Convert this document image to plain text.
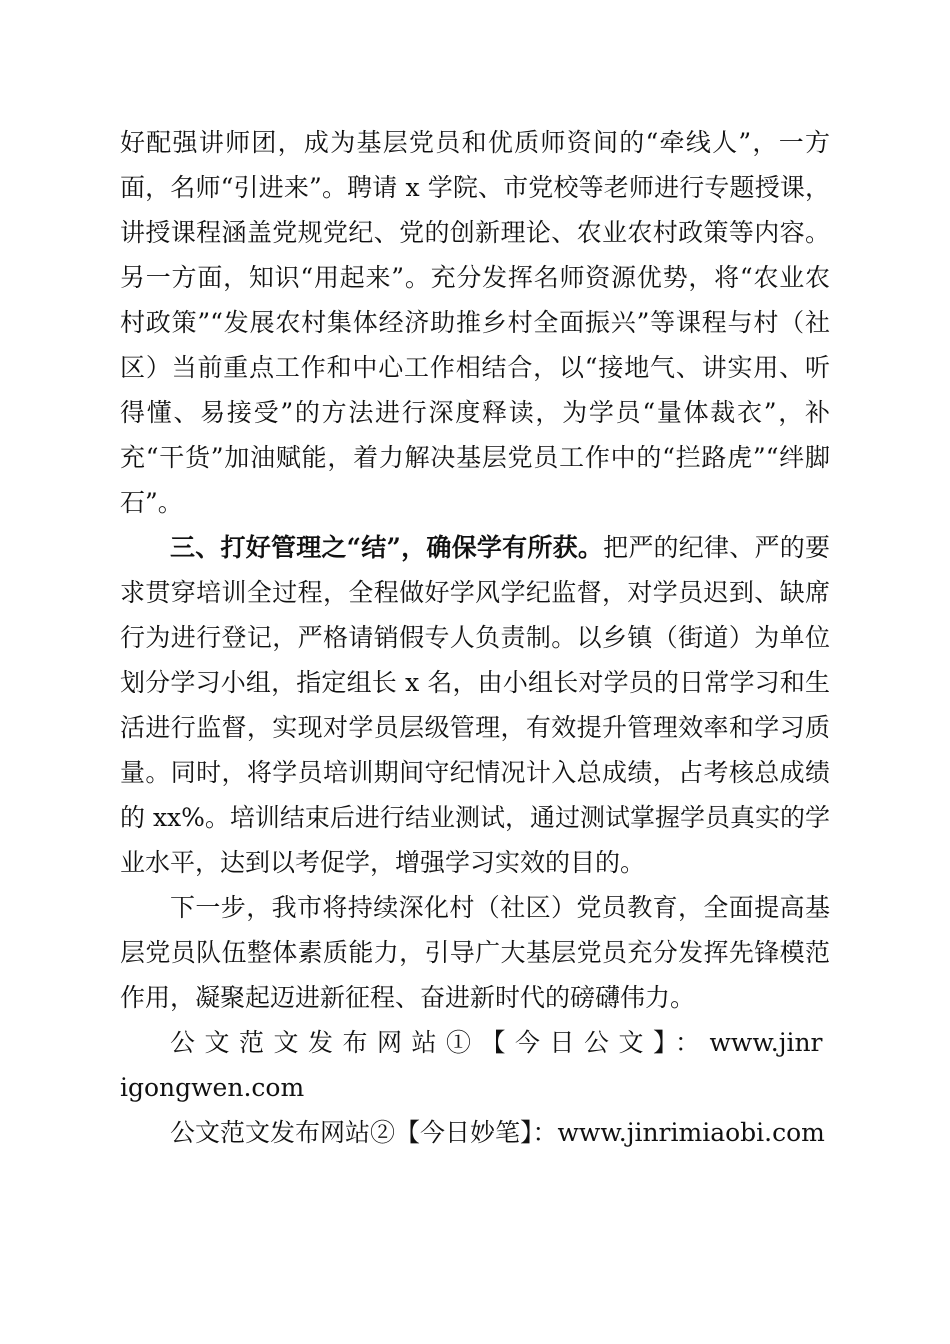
好配强讲师团，成为基层党员和优质师资间的“牵线人”，一方面，名师“引进来”。聘请 x 学院、市党校等老师进行专题授课，讲授课程涵盖党规党纪、党的创新理论、农业农村政策等内容。另一方面，知识“用起来”。充分发挥名师资源优势，将“农业农村政策”“发展农村集体经济助推乡村全面振兴”等课程与村（社区）当前重点工作和中心工作相结合，以“接地气、讲实用、听得懂、易接受”的方法进行深度释读，为学员“量体裁衣”，补充“干货”加油赋能，着力解决基层党员工作中的“拦路虎”“绊脚石”。

三、打好管理之“结”，确保学有所获。把严的纪律、严的要求贯穿培训全过程，全程做好学风学纪监督，对学员迟到、缺席行为进行登记，严格请销假专人负责制。以乡镇（街道）为单位划分学习小组，指定组长 x 名，由小组长对学员的日常学习和生活进行监督，实现对学员层级管理，有效提升管理效率和学习质量。同时，将学员培训期间守纪情况计入总成绩，占考核总成绩的 xx%。培训结束后进行结业测试，通过测试掌握学员真实的学业水平，达到以考促学，增强学习实效的目的。

下一步，我市将持续深化村（社区）党员教育，全面提高基层党员队伍整体素质能力，引导广大基层党员充分发挥先锋模范作用，凝聚起迈进新征程、奋进新时代的磅礴伟力。

公文范文发布网站①【今日公文】：www.jinrigongwen.com

公文范文发布网站②【今日妙笔】：www.jinrimiaobi.com
